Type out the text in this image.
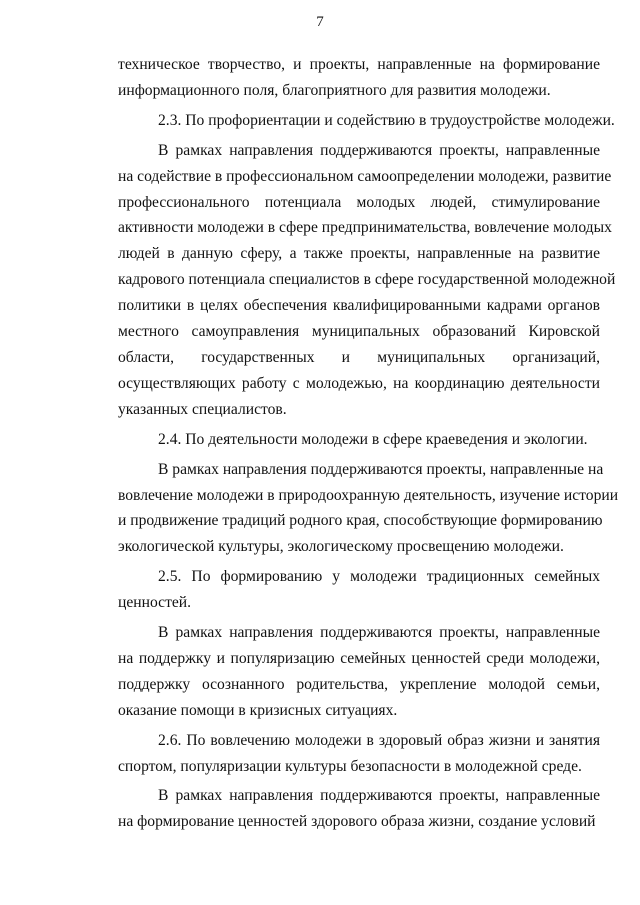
7

техническое творчество, и проекты, направленные на формирование
информационного поля, благоприятного для развития молодежи.

2.3. По профориентации и содействию в трудоустройстве молодежи.

В рамках направления поддерживаются проекты, направленные
на содействие в профессиональном самоопределении молодежи, развитие
профессионального потенциала молодых людей, стимулирование
активности молодежи в сфере предпринимательства, вовлечение молодых
людей в данную сферу, а также проекты, направленные на развитие
кадрового потенциала специалистов в сфере государственной молодежной
политики в целях обеспечения квалифицированными кадрами органов
местного самоуправления муниципальных образований Кировской
области, государственных и муниципальных организаций,
осуществляющих работу с молодежью, на координацию деятельности
указанных специалистов.

2.4. По деятельности молодежи в сфере краеведения и экологии.

В рамках направления поддерживаются проекты, направленные на
вовлечение молодежи в природоохранную деятельность, изучение истории
и продвижение традиций родного края, способствующие формированию
экологической культуры, экологическому просвещению молодежи.

2.5. По формированию у молодежи традиционных семейных
ценностей.

В рамках направления поддерживаются проекты, направленные
на поддержку и популяризацию семейных ценностей среди молодежи,
поддержку осознанного родительства, укрепление молодой семьи,
оказание помощи в кризисных ситуациях.

2.6. По вовлечению молодежи в здоровый образ жизни и занятия
спортом, популяризации культуры безопасности в молодежной среде.

В рамках направления поддерживаются проекты, направленные
на формирование ценностей здорового образа жизни, создание условий
